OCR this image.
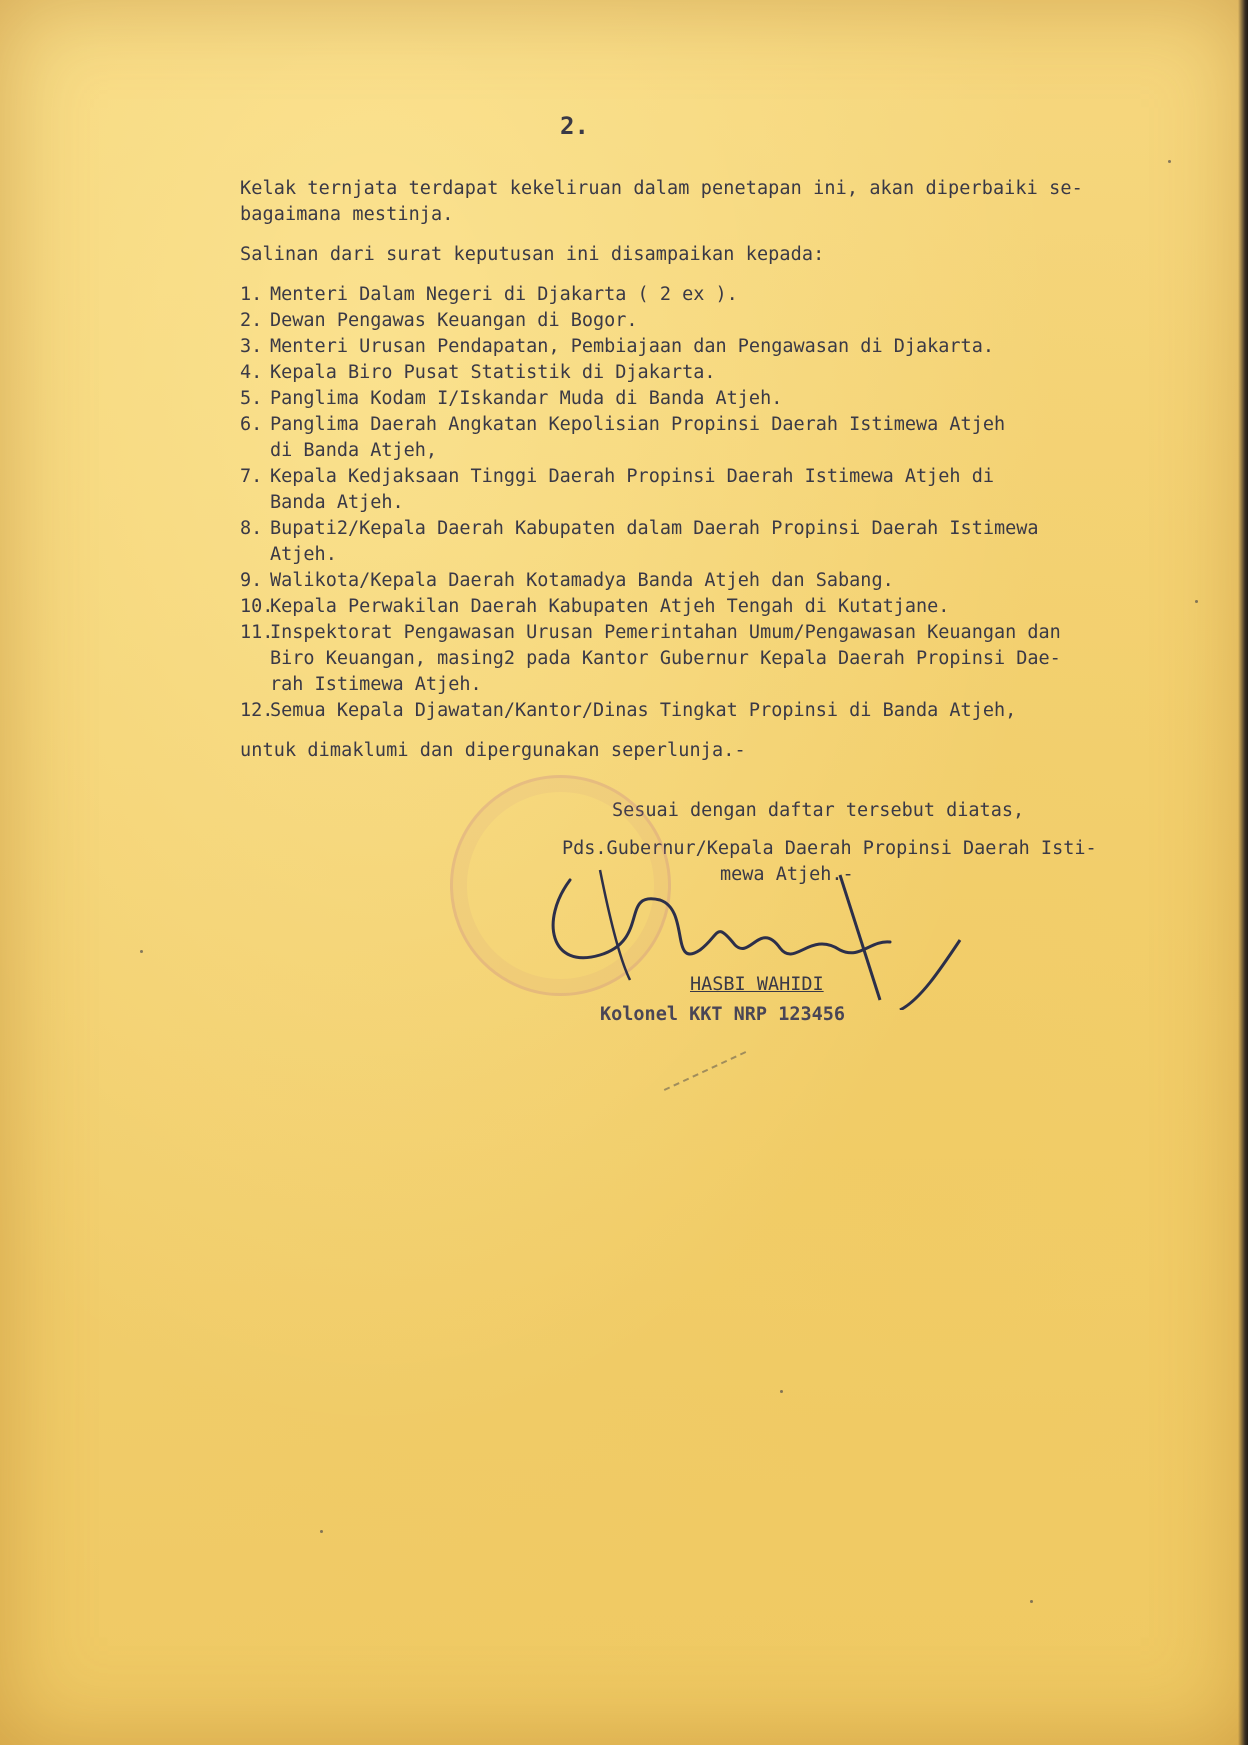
2.
Kelak ternjata terdapat kekeliruan dalam penetapan ini, akan diperbaiki se-
bagaimana mestinja.
Salinan dari surat keputusan ini disampaikan kepada:
1. Menteri Dalam Negeri di Djakarta ( 2 ex ).
2. Dewan Pengawas Keuangan di Bogor.
3. Menteri Urusan Pendapatan, Pembiajaan dan Pengawasan di Djakarta.
4. Kepala Biro Pusat Statistik di Djakarta.
5. Panglima Kodam I/Iskandar Muda di Banda Atjeh.
6. Panglima Daerah Angkatan Kepolisian Propinsi Daerah Istimewa Atjeh
di Banda Atjeh,
7. Kepala Kedjaksaan Tinggi Daerah Propinsi Daerah Istimewa Atjeh di
Banda Atjeh.
8. Bupati2/Kepala Daerah Kabupaten dalam Daerah Propinsi Daerah Istimewa
Atjeh.
9. Walikota/Kepala Daerah Kotamadya Banda Atjeh dan Sabang.
10.Kepala Perwakilan Daerah Kabupaten Atjeh Tengah di Kutatjane.
11.Inspektorat Pengawasan Urusan Pemerintahan Umum/Pengawasan Keuangan dan
Biro Keuangan, masing2 pada Kantor Gubernur Kepala Daerah Propinsi Dae-
rah Istimewa Atjeh.
12.Semua Kepala Djawatan/Kantor/Dinas Tingkat Propinsi di Banda Atjeh,
untuk dimaklumi dan dipergunakan seperlunja.-
Sesuai dengan daftar tersebut diatas,
Pds.Gubernur/Kepala Daerah Propinsi Daerah Isti-
mewa Atjeh.-
HASBI WAHIDI
Kolonel KKT NRP 123456
